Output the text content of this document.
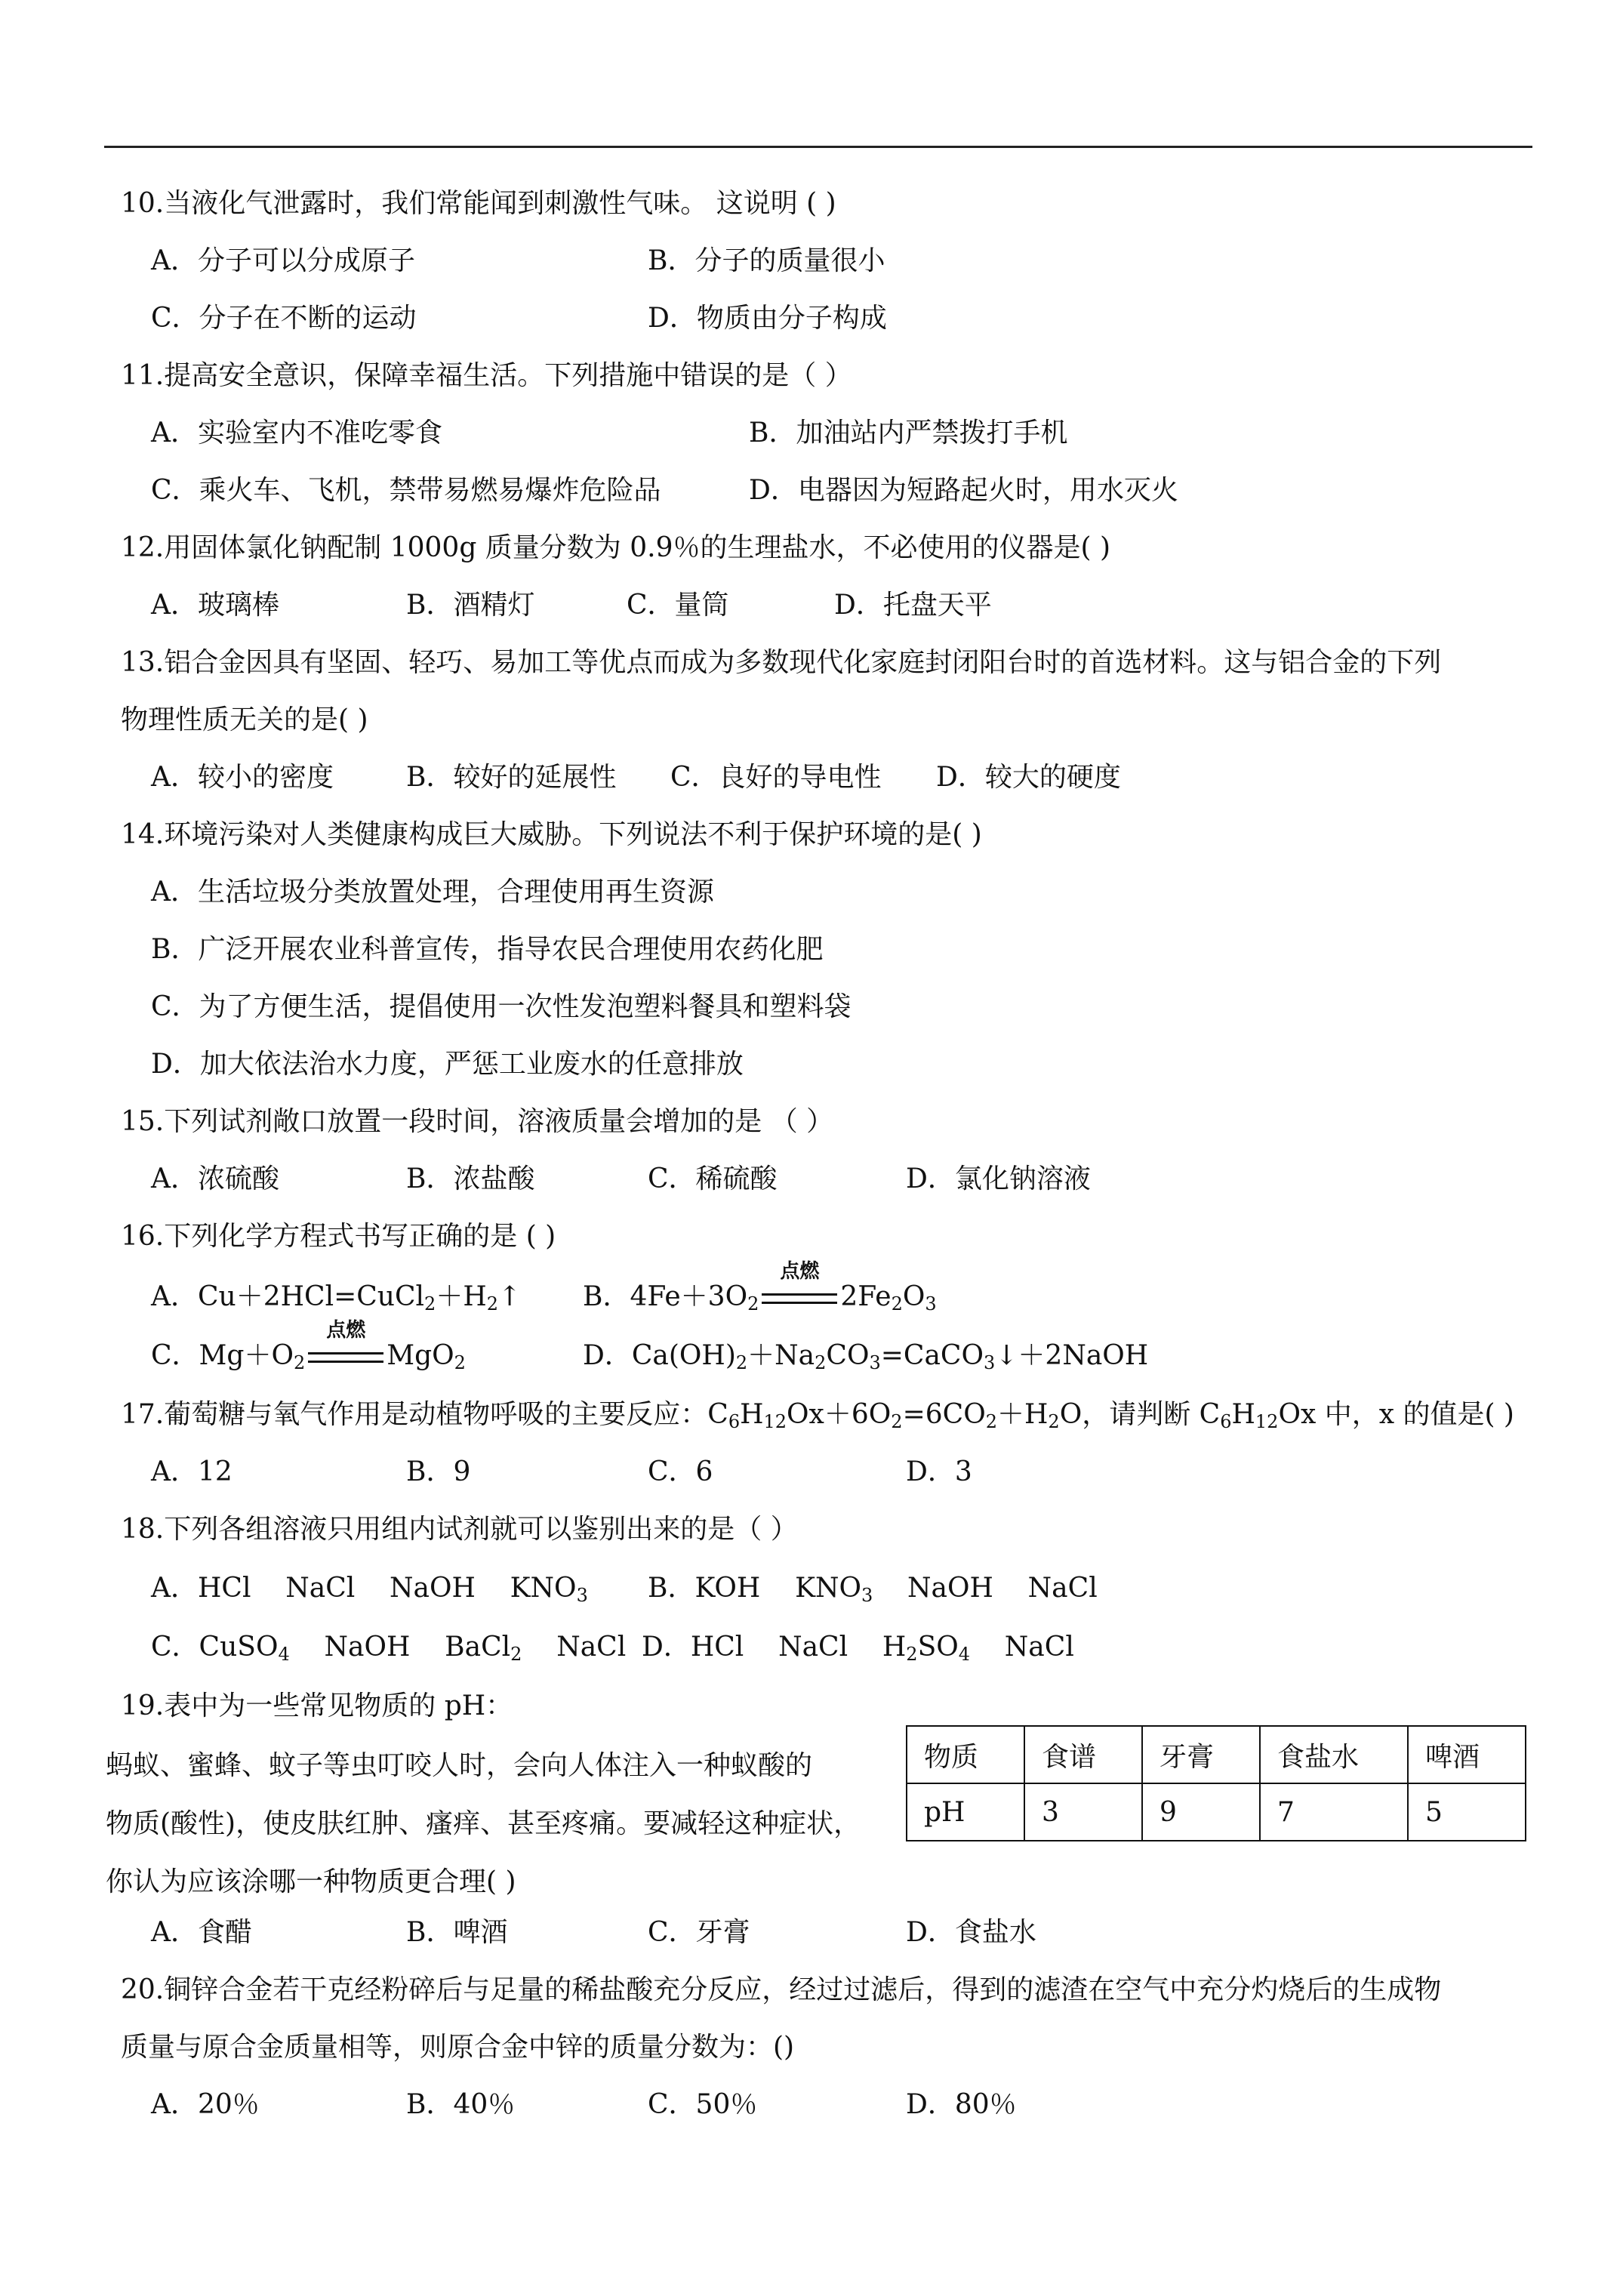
10.当液化气泄露时，我们常能闻到刺激性气味。 这说明 ( )
A．分子可以分成原子	B．分子的质量很小
C．分子在不断的运动	D．物质由分子构成
11.提高安全意识，保障幸福生活。下列措施中错误的是（ ）
A．实验室内不准吃零食	B．加油站内严禁拨打手机
C．乘火车、飞机，禁带易燃易爆炸危险品	D．电器因为短路起火时，用水灭火
12.用固体氯化钠配制 1000g 质量分数为 0.9％的生理盐水，不必使用的仪器是( )
A．玻璃棒	B．酒精灯	C．量筒	D．托盘天平
13.铝合金因具有坚固、轻巧、易加工等优点而成为多数现代化家庭封闭阳台时的首选材料。这与铝合金的下列
物理性质无关的是( )
A．较小的密度	B．较好的延展性 C．良好的导电性 D．较大的硬度
14.环境污染对人类健康构成巨大威胁。下列说法不利于保护环境的是( )
A．生活垃圾分类放置处理，合理使用再生资源
B．广泛开展农业科普宣传，指导农民合理使用农药化肥
C．为了方便生活，提倡使用一次性发泡塑料餐具和塑料袋
D．加大依法治水力度，严惩工业废水的任意排放
15.下列试剂敞口放置一段时间，溶液质量会增加的是 （ ）
A．浓硫酸	B．浓盐酸	C．稀硫酸	D．氯化钠溶液
16.下列化学方程式书写正确的是 ( )
A．$Cu+2HCl=CuCl_2+H_2↑$ B．$4Fe+3O_2$
点燃
$2Fe_2O_3$
C．$Mg+O_2$
点燃
MgO$_2$	D．$Ca(OH)_2+Na_2CO_3=CaCO_3↓+2NaOH$
17.葡萄糖与氧气作用是动植物呼吸的主要反应：$C_6H_{12}Ox+6O_2=6CO_2+H_2O$，请判断 $C_6H_{12}Ox$ 中，x 的值是( )
A．12	B．9	C．6	D．3
18.下列各组溶液只用组内试剂就可以鉴别出来的是（ ）
A．HCl    NaCl    NaOH    $KNO_3$ B．KOH    $KNO_3$    NaOH    NaCl
C．CuSO$_4$    NaOH    BaCl$_2$    NaCl D．HCl    NaCl    $H_2SO_4$    NaCl
19.表中为一些常见物质的 pH：
蚂蚁、蜜蜂、蚊子等虫叮咬人时，会向人体注入一种蚁酸的
物质(酸性)，使皮肤红肿、瘙痒、甚至疼痛。要减轻这种症状，
你认为应该涂哪一种物质更合理( )
物质	食谱	牙膏	食盐水	啤酒
pH	3	9	7	5
A．食醋	B．啤酒	C．牙膏	D．食盐水
20.铜锌合金若干克经粉碎后与足量的稀盐酸充分反应，经过过滤后，得到的滤渣在空气中充分灼烧后的生成物
质量与原合金质量相等，则原合金中锌的质量分数为：()
A．20％	B．40％	C．50％	D．80％
